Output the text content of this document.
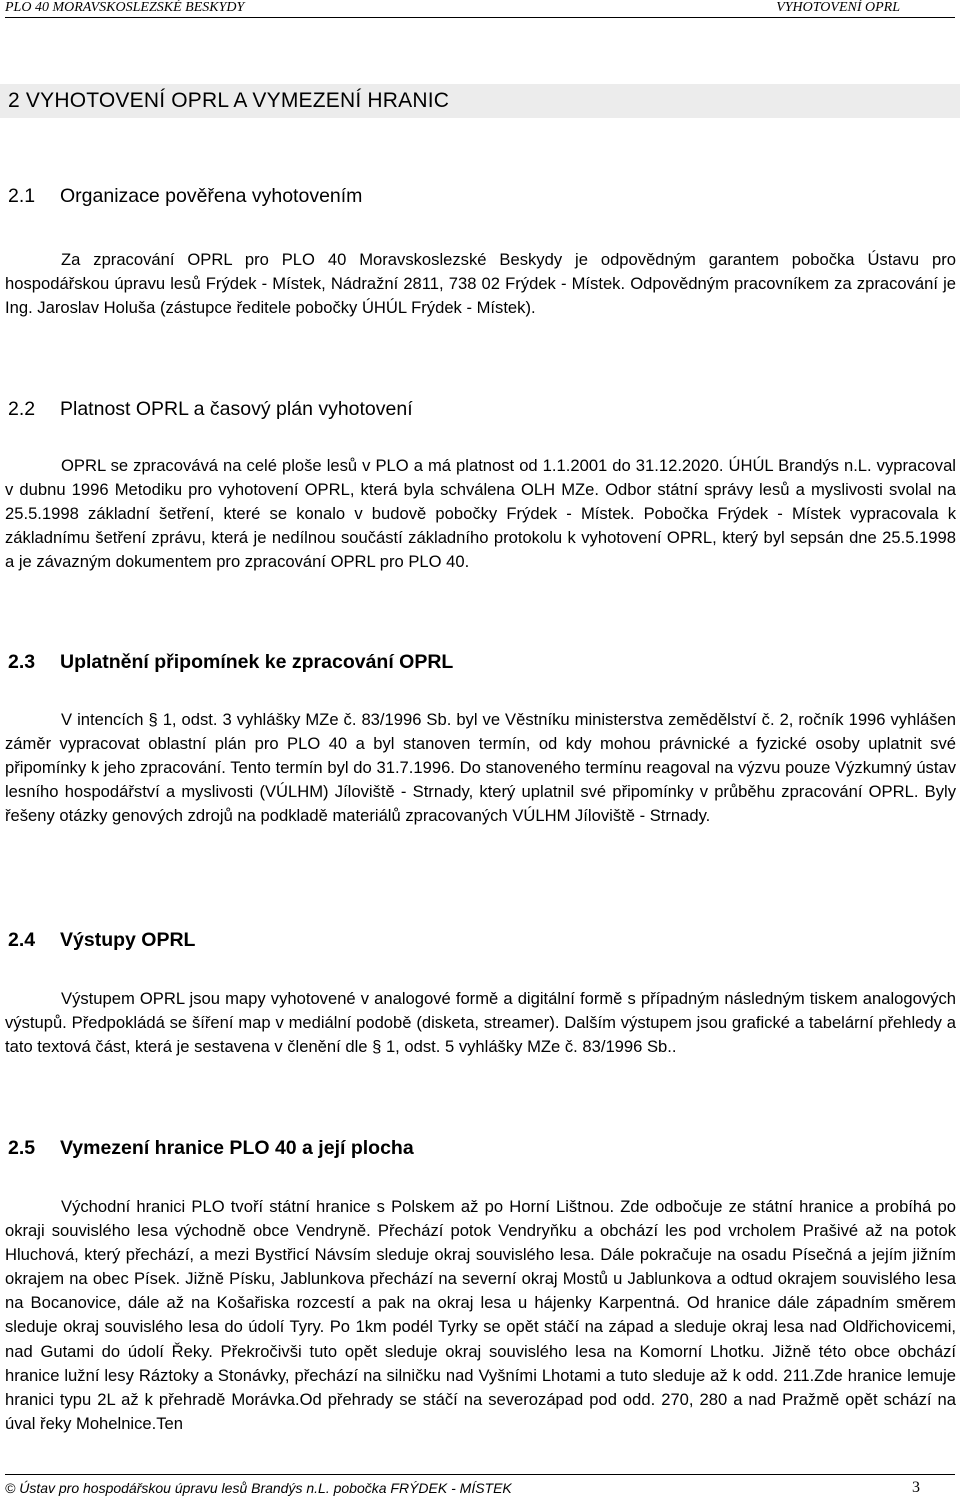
PLO 40 MORAVSKOSLEZSKÉ BESKYDY	VYHOTOVENÍ OPRL
2 VYHOTOVENÍ OPRL A VYMEZENÍ HRANIC
2.1 Organizace pověřena vyhotovením

Za zpracování OPRL pro PLO 40 Moravskoslezské Beskydy je odpovědným garantem pobočka Ústavu pro hospodářskou úpravu lesů Frýdek - Místek, Nádražní 2811, 738 02 Frýdek - Místek. Odpovědným pracovníkem za zpracování je Ing. Jaroslav Holuša (zástupce ředitele pobočky ÚHÚL Frýdek - Místek).

2.2 Platnost OPRL a časový plán vyhotovení

OPRL se zpracovává na celé ploše lesů v PLO a má platnost od 1.1.2001 do 31.12.2020. ÚHÚL Brandýs n.L. vypracoval v dubnu 1996 Metodiku pro vyhotovení OPRL, která byla schválena OLH MZe. Odbor státní správy lesů a myslivosti svolal na 25.5.1998 základní šetření, které se konalo v budově pobočky Frýdek - Místek. Pobočka Frýdek - Místek vypracovala k základnímu šetření zprávu, která je nedílnou součástí základního protokolu k vyhotovení OPRL, který byl sepsán dne 25.5.1998 a je závazným dokumentem pro zpracování OPRL pro PLO 40.

2.3 Uplatnění připomínek ke zpracování OPRL

V intencích § 1, odst. 3 vyhlášky MZe č. 83/1996 Sb. byl ve Věstníku ministerstva zemědělství č. 2, ročník 1996 vyhlášen záměr vypracovat oblastní plán pro PLO 40 a byl stanoven termín, od kdy mohou právnické a fyzické osoby uplatnit své připomínky k jeho zpracování. Tento termín byl do 31.7.1996. Do stanoveného termínu reagoval na výzvu pouze Výzkumný ústav lesního hospodářství a myslivosti (VÚLHM) Jíloviště - Strnady, který uplatnil své připomínky v průběhu zpracování OPRL. Byly řešeny otázky genových zdrojů na podkladě materiálů zpracovaných VÚLHM Jíloviště - Strnady.

2.4 Výstupy OPRL

Výstupem OPRL jsou mapy vyhotovené v analogové formě a digitální formě s případným následným tiskem analogových výstupů. Předpokládá se šíření map v mediální podobě (disketa, streamer). Dalším výstupem jsou grafické a tabelární přehledy a tato textová část, která je sestavena v členění dle § 1, odst. 5 vyhlášky MZe č. 83/1996 Sb..

2.5 Vymezení hranice PLO 40 a její plocha

Východní hranici PLO tvoří státní hranice s Polskem až po Horní Lištnou. Zde odbočuje ze státní hranice a probíhá po okraji souvislého lesa východně obce Vendryně. Přechází potok Vendryňku a obchází les pod vrcholem Prašivé až na potok Hluchová, který přechází, a mezi Bystřicí Návsím sleduje okraj souvislého lesa. Dále pokračuje na osadu Písečná a jejím jižním okrajem na obec Písek. Jižně Písku, Jablunkova přechází na severní okraj Mostů u Jablunkova a odtud okrajem souvislého lesa na Bocanovice, dále až na Košařiska rozcestí a pak na okraj lesa u hájenky Karpentná. Od hranice dále západním směrem sleduje okraj souvislého lesa do údolí Tyry. Po 1km podél Tyrky se opět stáčí na západ a sleduje okraj lesa nad Oldřichovicemi, nad Gutami do údolí Řeky. Překročivši tuto opět sleduje okraj souvislého lesa na Komorní Lhotku. Jižně této obce obchází hranice lužní lesy Ráztoky a Stonávky, přechází na silničku nad Vyšními Lhotami a tuto sleduje až k odd. 211.Zde hranice lemuje hranici typu 2L až k přehradě Morávka.Od přehrady se stáčí na severozápad pod odd. 270, 280 a nad Pražmě opět schází na úval řeky Mohelnice.Ten

© Ústav pro hospodářskou úpravu lesů Brandýs n.L. pobočka FRÝDEK - MÍSTEK	3
